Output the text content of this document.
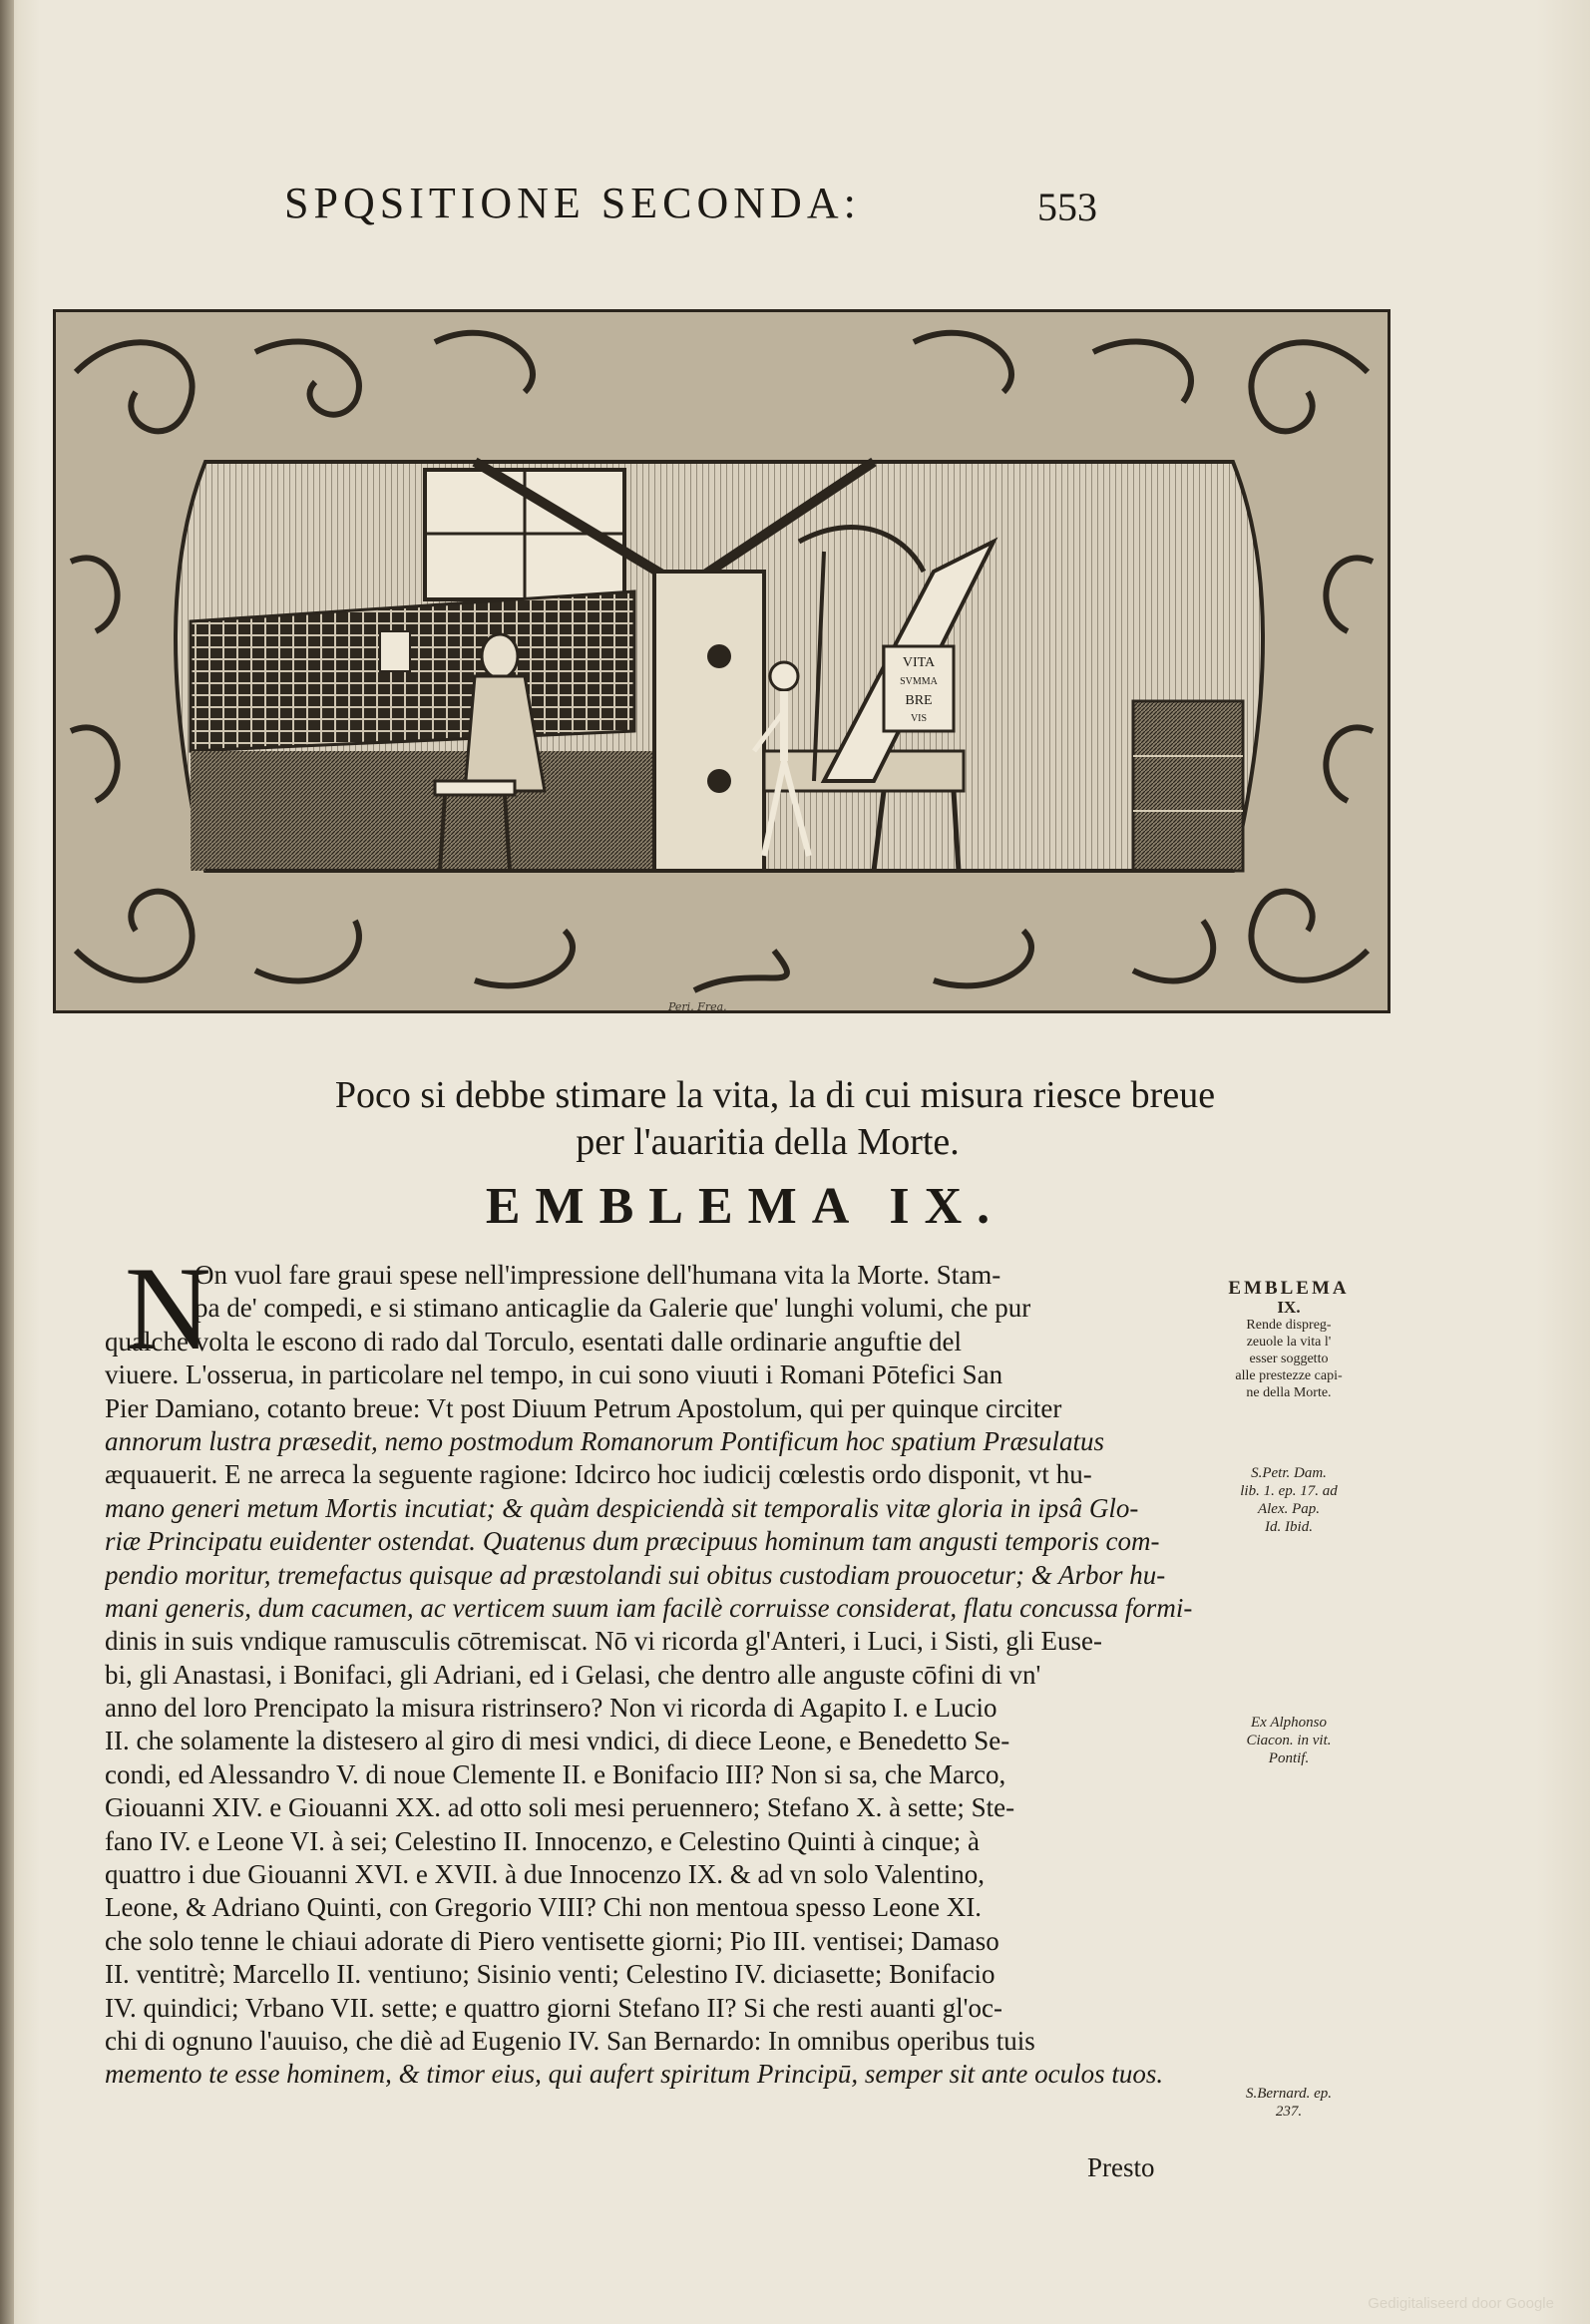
SPQSITIONE SECONDA:	553
VITA
SVMMA
BRE
VIS
Peri. Frea.
Poco si debbe stimare la vita, la di cui misura riesce breue
per l'auaritia della Morte.
EMBLEMA IX.
N
On vuol fare graui spese nell'impressione dell'humana vita la Morte. Stam-
pa de' compedi, e si stimano anticaglie da Galerie que' lunghi volumi, che pur
qualche volta le escono di rado dal Torculo, esentati dalle ordinarie anguftie del
viuere. L'osserua, in particolare nel tempo, in cui sono viuuti i Romani Pōtefici San
Pier Damiano, cotanto breue: Vt post Diuum Petrum Apostolum, qui per quinque circiter
annorum lustra præsedit, nemo postmodum Romanorum Pontificum hoc spatium Præsulatus
æquauerit. E ne arreca la seguente ragione: Idcirco hoc iudicij cœlestis ordo disponit, vt hu-
mano generi metum Mortis incutiat; & quàm despiciendà sit temporalis vitæ gloria in ipsâ Glo-
riæ Principatu euidenter ostendat. Quatenus dum præcipuus hominum tam angusti temporis com-
pendio moritur, tremefactus quisque ad præstolandi sui obitus custodiam prouocetur; & Arbor hu-
mani generis, dum cacumen, ac verticem suum iam facilè corruisse considerat, flatu concussa formi-
dinis in suis vndique ramusculis cōtremiscat. Nō vi ricorda gl'Anteri, i Luci, i Sisti, gli Euse-
bi, gli Anastasi, i Bonifaci, gli Adriani, ed i Gelasi, che dentro alle anguste cōfini di vn'
anno del loro Prencipato la misura ristrinsero? Non vi ricorda di Agapito I. e Lucio
II. che solamente la distesero al giro di mesi vndici, di diece Leone, e Benedetto Se-
condi, ed Alessandro V. di noue Clemente II. e Bonifacio III? Non si sa, che Marco,
Giouanni XIV. e Giouanni XX. ad otto soli mesi peruennero; Stefano X. à sette; Ste-
fano IV. e Leone VI. à sei; Celestino II. Innocenzo, e Celestino Quinti à cinque; à
quattro i due Giouanni XVI. e XVII. à due Innocenzo IX. & ad vn solo Valentino,
Leone, & Adriano Quinti, con Gregorio VIII? Chi non mentoua spesso Leone XI.
che solo tenne le chiaui adorate di Piero ventisette giorni; Pio III. ventisei; Damaso
II. ventitrè; Marcello II. ventiuno; Sisinio venti; Celestino IV. diciasette; Bonifacio
IV. quindici; Vrbano VII. sette; e quattro giorni Stefano II? Si che resti auanti gl'oc-
chi di ognuno l'auuiso, che diè ad Eugenio IV. San Bernardo: In omnibus operibus tuis
memento te esse hominem, & timor eius, qui aufert spiritum Principū, semper sit ante oculos tuos.
EMBLEMA
IX.
Rende dispreg-
zeuole la vita l'
esser soggetto
alle prestezze capi-
ne della Morte.
S.Petr. Dam.
lib. 1. ep. 17. ad
Alex. Pap.
Id. Ibid.
Ex Alphonso
Ciacon. in vit.
Pontif.
S.Bernard. ep.
237.
Presto
Gedigitaliseerd door Google
